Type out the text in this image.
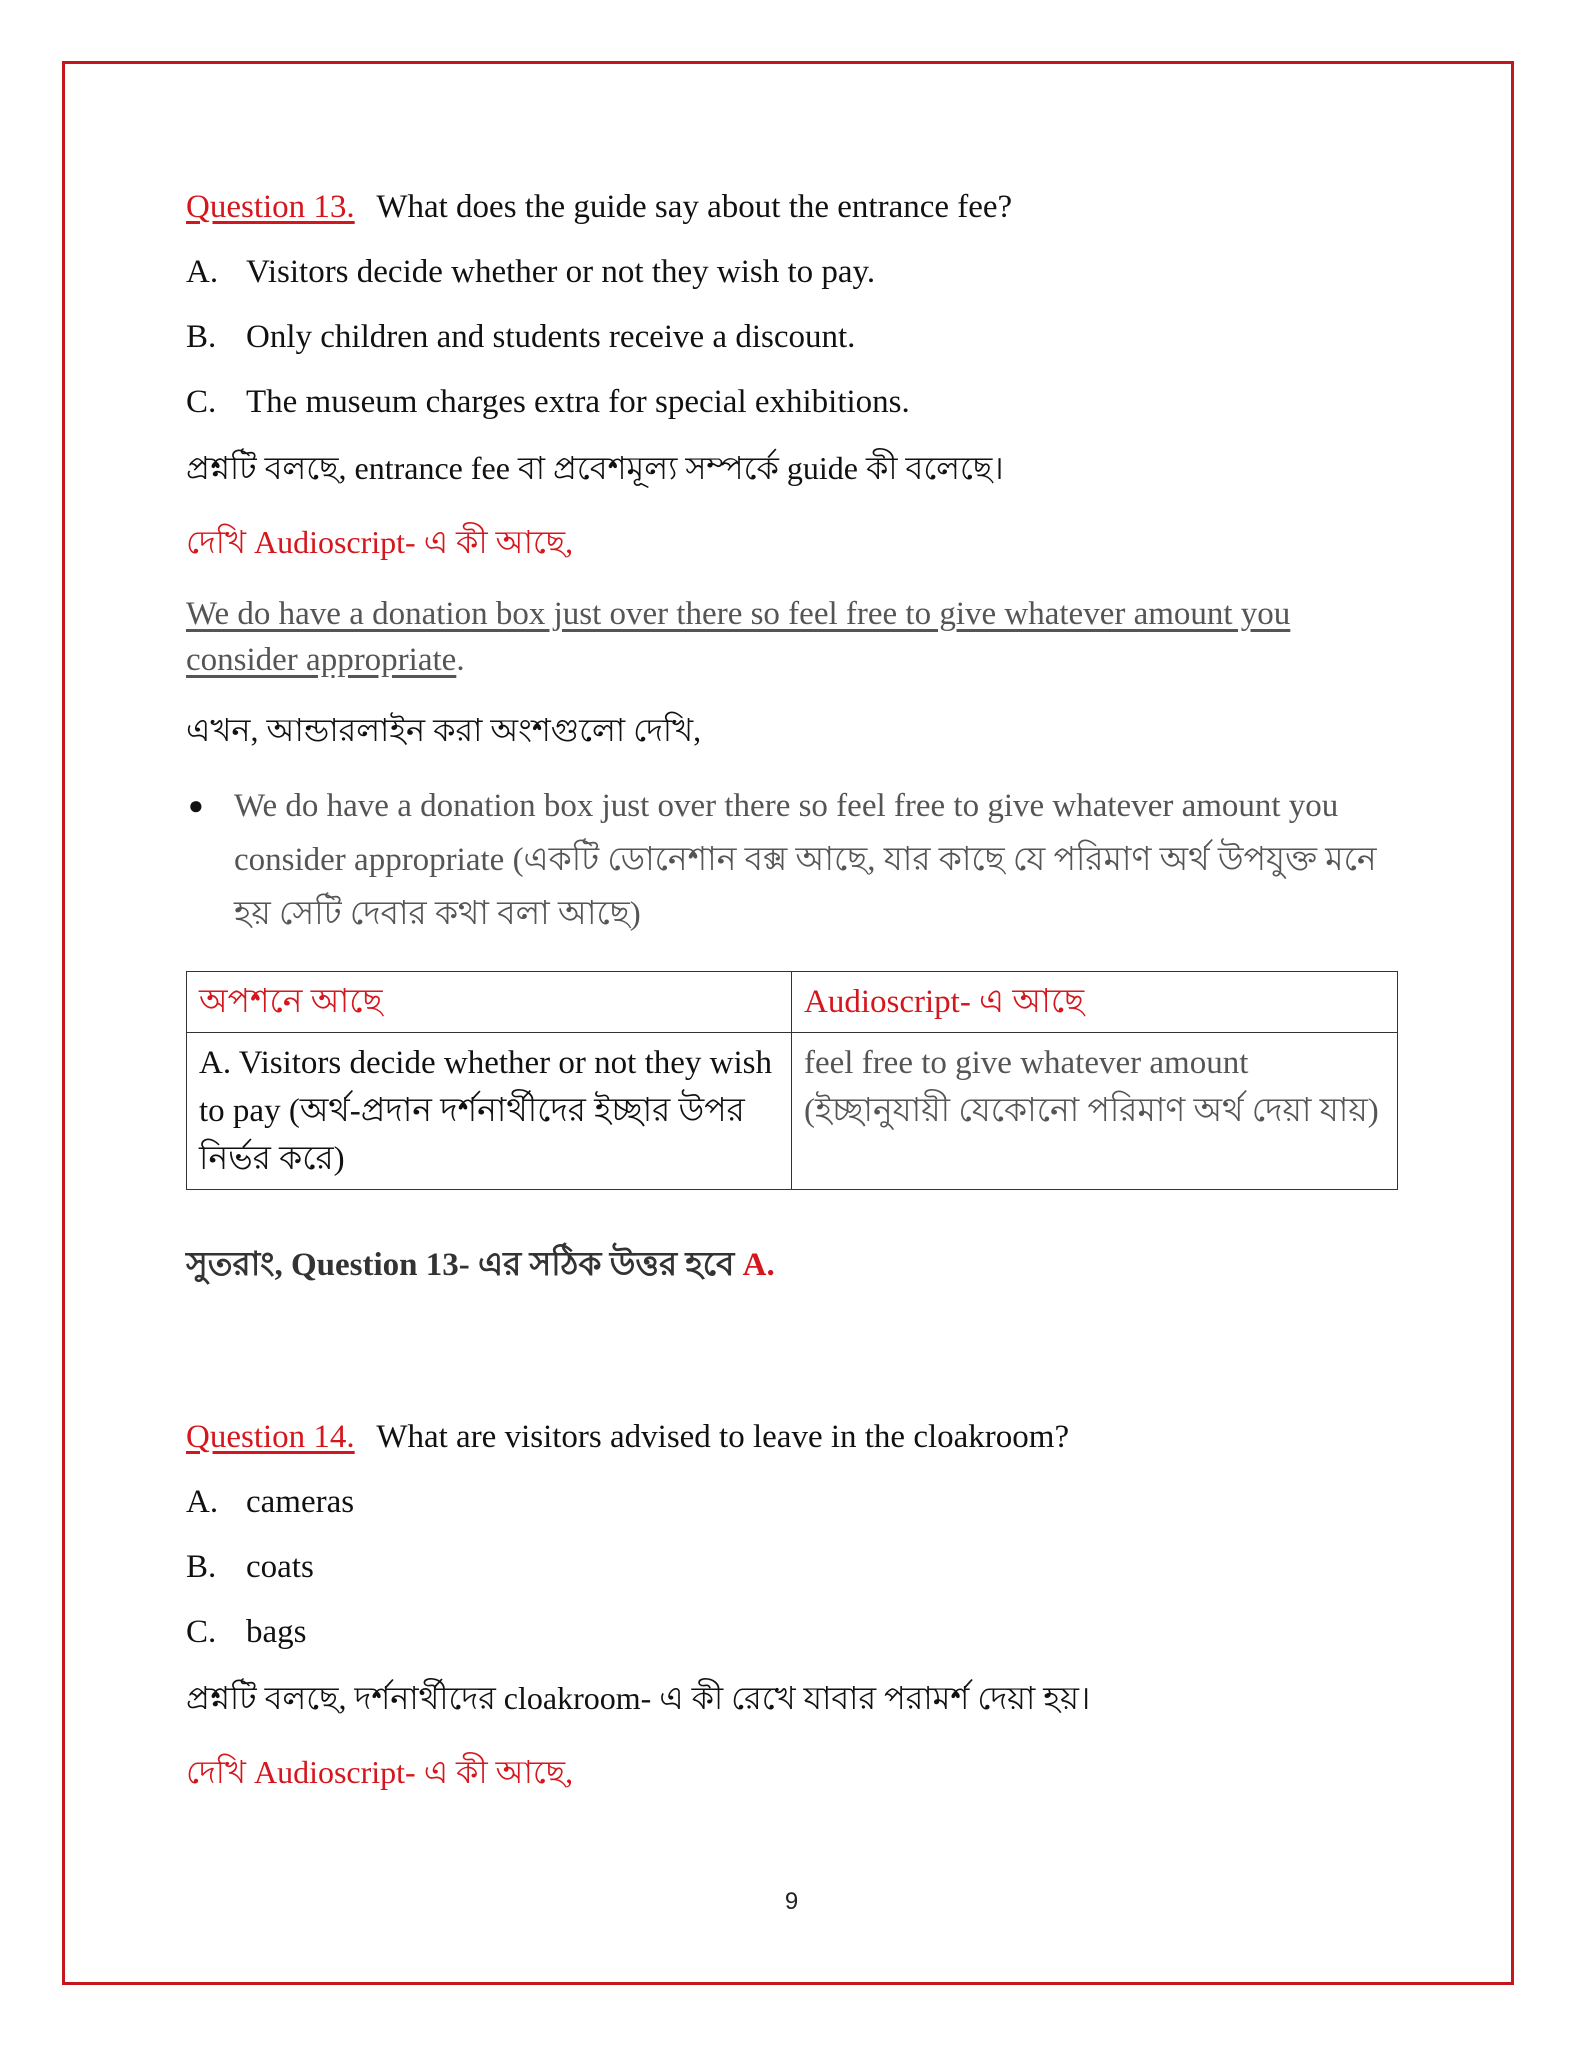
Question 13. What does the guide say about the entrance fee?
A. Visitors decide whether or not they wish to pay.
B. Only children and students receive a discount.
C. The museum charges extra for special exhibitions.
প্রশ্নটি বলছে, entrance fee বা প্রবেশমূল্য সম্পর্কে guide কী বলেছে।
দেখি Audioscript- এ কী আছে,
We do have a donation box just over there so feel free to give whatever amount you consider appropriate.
এখন, আন্ডারলাইন করা অংশগুলো দেখি,
● We do have a donation box just over there so feel free to give whatever amount you consider appropriate (একটি ডোনেশান বক্স আছে, যার কাছে যে পরিমাণ অর্থ উপযুক্ত মনে হয় সেটি দেবার কথা বলা আছে)
অপশনে আছে	Audioscript- এ আছে
A. Visitors decide whether or not they wish to pay (অর্থ-প্রদান দর্শনার্থীদের ইচ্ছার উপর নির্ভর করে)	feel free to give whatever amount
(ইচ্ছানুযায়ী যেকোনো পরিমাণ অর্থ দেয়া যায়)
সুতরাং, Question 13- এর সঠিক উত্তর হবে A.
Question 14. What are visitors advised to leave in the cloakroom?
A. cameras
B. coats
C. bags
প্রশ্নটি বলছে, দর্শনার্থীদের cloakroom- এ কী রেখে যাবার পরামর্শ দেয়া হয়।
দেখি Audioscript- এ কী আছে,
9
